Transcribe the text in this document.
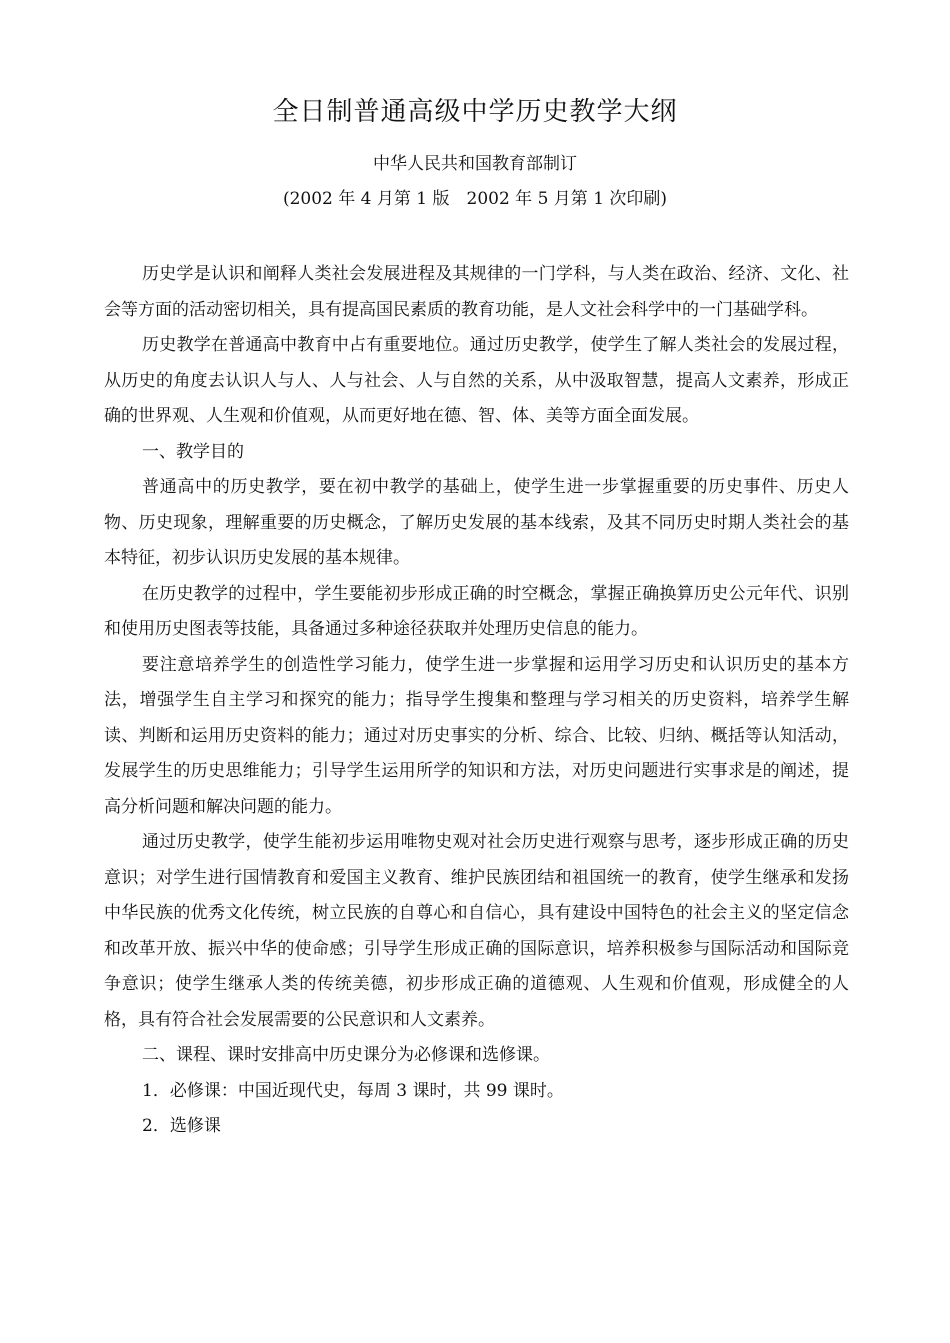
全日制普通高级中学历史教学大纲
中华人民共和国教育部制订
(2002 年 4 月第 1 版　2002 年 5 月第 1 次印刷)

历史学是认识和阐释人类社会发展进程及其规律的一门学科，与人类在政治、经济、文化、社会等方面的活动密切相关，具有提高国民素质的教育功能，是人文社会科学中的一门基础学科。

历史教学在普通高中教育中占有重要地位。通过历史教学，使学生了解人类社会的发展过程，从历史的角度去认识人与人、人与社会、人与自然的关系，从中汲取智慧，提高人文素养，形成正确的世界观、人生观和价值观，从而更好地在德、智、体、美等方面全面发展。

一、教学目的

普通高中的历史教学，要在初中教学的基础上，使学生进一步掌握重要的历史事件、历史人物、历史现象，理解重要的历史概念，了解历史发展的基本线索，及其不同历史时期人类社会的基本特征，初步认识历史发展的基本规律。

在历史教学的过程中，学生要能初步形成正确的时空概念，掌握正确换算历史公元年代、识别和使用历史图表等技能，具备通过多种途径获取并处理历史信息的能力。

要注意培养学生的创造性学习能力，使学生进一步掌握和运用学习历史和认识历史的基本方法，增强学生自主学习和探究的能力；指导学生搜集和整理与学习相关的历史资料，培养学生解读、判断和运用历史资料的能力；通过对历史事实的分析、综合、比较、归纳、概括等认知活动，发展学生的历史思维能力；引导学生运用所学的知识和方法，对历史问题进行实事求是的阐述，提高分析问题和解决问题的能力。

通过历史教学，使学生能初步运用唯物史观对社会历史进行观察与思考，逐步形成正确的历史意识；对学生进行国情教育和爱国主义教育、维护民族团结和祖国统一的教育，使学生继承和发扬中华民族的优秀文化传统，树立民族的自尊心和自信心，具有建设中国特色的社会主义的坚定信念和改革开放、振兴中华的使命感；引导学生形成正确的国际意识，培养积极参与国际活动和国际竞争意识；使学生继承人类的传统美德，初步形成正确的道德观、人生观和价值观，形成健全的人格，具有符合社会发展需要的公民意识和人文素养。

二、课程、课时安排高中历史课分为必修课和选修课。

1．必修课：中国近现代史，每周 3 课时，共 99 课时。

2．选修课
